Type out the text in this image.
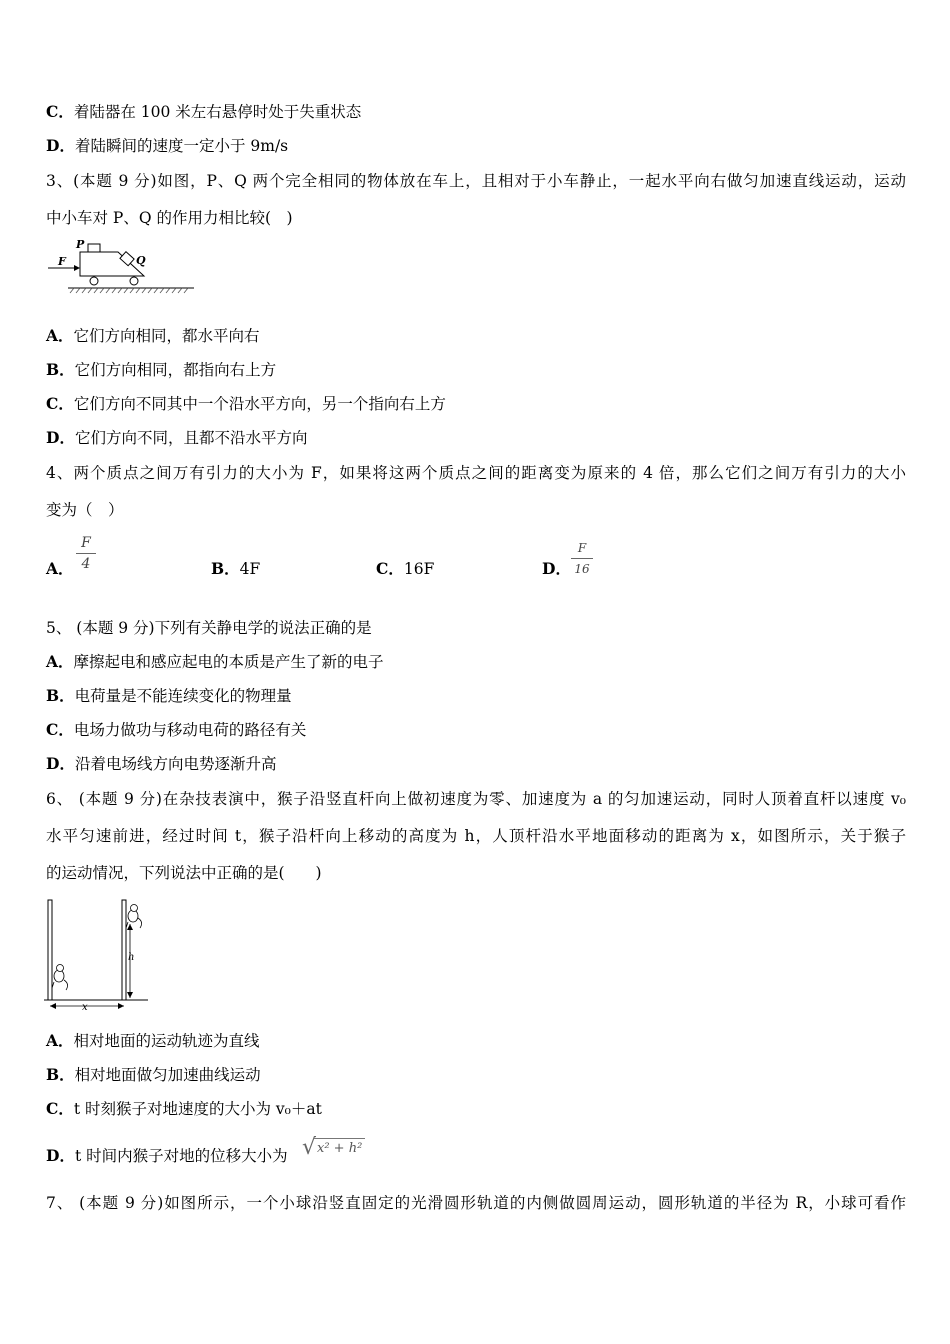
C．着陆器在 100 米左右悬停时处于失重状态
D．着陆瞬间的速度一定小于 9m/s
3、(本题 9 分)如图，P、Q 两个完全相同的物体放在车上，且相对于小车静止，一起水平向右做匀加速直线运动，运动
中小车对 P、Q 的作用力相比较(　)
P
Q
F
A．它们方向相同，都水平向右
B．它们方向相同，都指向右上方
C．它们方向不同其中一个沿水平方向，另一个指向右上方
D．它们方向不同，且都不沿水平方向
4、两个质点之间万有引力的大小为 F，如果将这两个质点之间的距离变为原来的 4 倍，那么它们之间万有引力的大小
变为（　）
A．
F
4	B．4F	C．16F	D．
F
16
5、 (本题 9 分)下列有关静电学的说法正确的是
A．摩擦起电和感应起电的本质是产生了新的电子
B．电荷量是不能连续变化的物理量
C．电场力做功与移动电荷的路径有关
D．沿着电场线方向电势逐渐升高
6、 (本题 9 分)在杂技表演中，猴子沿竖直杆向上做初速度为零、加速度为 a 的匀加速运动，同时人顶着直杆以速度 v₀
水平匀速前进，经过时间 t，猴子沿杆向上移动的高度为 h，人顶杆沿水平地面移动的距离为 x，如图所示，关于猴子
的运动情况，下列说法中正确的是(　　)
h
x
A．相对地面的运动轨迹为直线
B．相对地面做匀加速曲线运动
C．t 时刻猴子对地速度的大小为 v₀＋at
D．t 时间内猴子对地的位移大小为 √ x² + h²
7、 (本题 9 分)如图所示，一个小球沿竖直固定的光滑圆形轨道的内侧做圆周运动，圆形轨道的半径为 R，小球可看作
